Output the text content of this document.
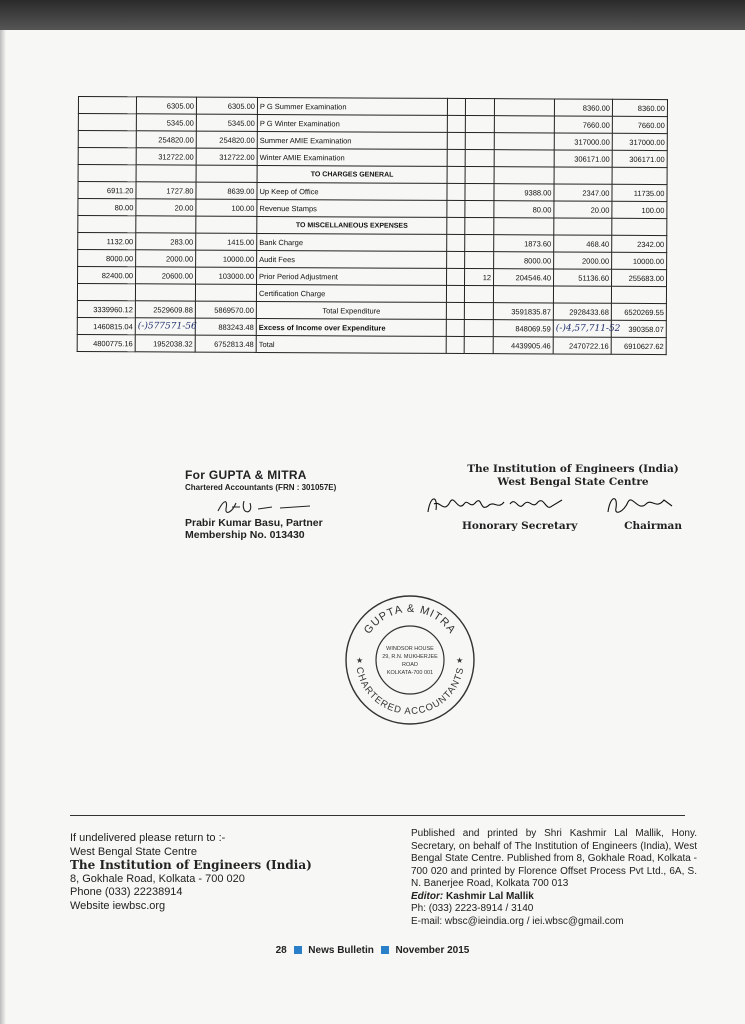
	6305.00	6305.00	P G Summer Examination				8360.00	8360.00
	5345.00	5345.00	P G Winter Examination				7660.00	7660.00
	254820.00	254820.00	Summer AMIE Examination				317000.00	317000.00
	312722.00	312722.00	Winter AMIE Examination				306171.00	306171.00
			TO CHARGES GENERAL					
6911.20	1727.80	8639.00	Up Keep of Office			9388.00	2347.00	11735.00
80.00	20.00	100.00	Revenue Stamps			80.00	20.00	100.00
			TO MISCELLANEOUS EXPENSES					
1132.00	283.00	1415.00	Bank Charge			1873.60	468.40	2342.00
8000.00	2000.00	10000.00	Audit Fees			8000.00	2000.00	10000.00
82400.00	20600.00	103000.00	Prior Period Adjustment		12	204546.40	51136.60	255683.00
			Certification Charge					
3339960.12	2529609.88	5869570.00	Total Expenditure			3591835.87	2928433.68	6520269.55
1460815.04	(-)577571-56	883243.48	Excess of Income over Expenditure			848069.59	(-)4,57,711-52	390358.07
4800775.16	1952038.32	6752813.48	Total			4439905.46	2470722.16	6910627.62
For GUPTA & MITRA
Chartered Accountants (FRN : 301057E)
Prabir Kumar Basu, Partner
Membership No. 013430
The Institution of Engineers (India)
West Bengal State Centre
Honorary Secretary	Chairman
GUPTA & MITRA
CHARTERED ACCOUNTANTS
WINDSOR HOUSE
29, R.N. MUKHERJEE
ROAD
KOLKATA-700 001
★	★
If undelivered please return to :-
West Bengal State Centre
The Institution of Engineers (India)
8, Gokhale Road, Kolkata - 700 020
Phone (033) 22238914
Website iewbsc.org
Published and printed by Shri Kashmir Lal Mallik, Hony. Secretary, on behalf of The Institution of Engineers (India), West Bengal State Centre. Published from 8, Gokhale Road, Kolkata - 700 020 and printed by Florence Offset Process Pvt Ltd., 6A, S. N. Banerjee Road, Kolkata 700 013
Editor: Kashmir Lal Mallik
Ph: (033) 2223-8914 / 3140
E-mail: wbsc@ieindia.org / iei.wbsc@gmail.com
28 News Bulletin November 2015
